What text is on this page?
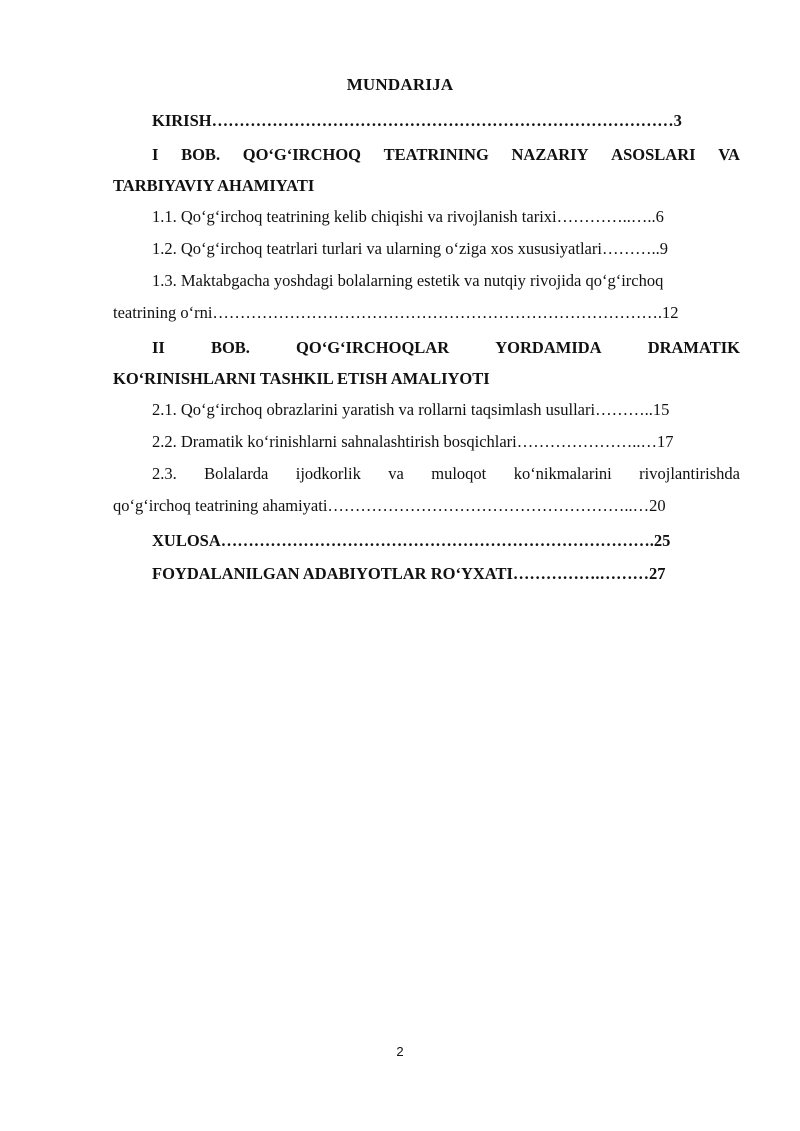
MUNDARIJA
KIRISH…………………………………………………………………………3
I BOB. QO‘G‘IRCHOQ TEATRINING NAZARIY ASOSLARI VA
TARBIYAVIY AHAMIYATI
1.1. Qo‘g‘irchoq teatrining kelib chiqishi va rivojlanish tarixi…………..…..6
1.2. Qo‘g‘irchoq teatrlari turlari va ularning o‘ziga xos xususiyatlari………..9
1.3. Maktabgacha yoshdagi bolalarning estetik va nutqiy rivojida qo‘g‘irchoq
teatrining o‘rni……………………………………………………………………….12
II	BOB.	QO‘G‘IRCHOQLAR	YORDAMIDA	DRAMATIK
KO‘RINISHLARNI TASHKIL ETISH AMALIYOTI
2.1. Qo‘g‘irchoq obrazlarini yaratish va rollarni taqsimlash usullari………..15
2.2. Dramatik ko‘rinishlarni sahnalashtirish bosqichlari…………………..…17
2.3. Bolalarda ijodkorlik va muloqot ko‘nikmalarini rivojlantirishda
qo‘g‘irchoq teatrining ahamiyati………………………………………………..…20
XULOSA…………………………………………………………………….25
FOYDALANILGAN ADABIYOTLAR RO‘YXATI…………….………27
2
